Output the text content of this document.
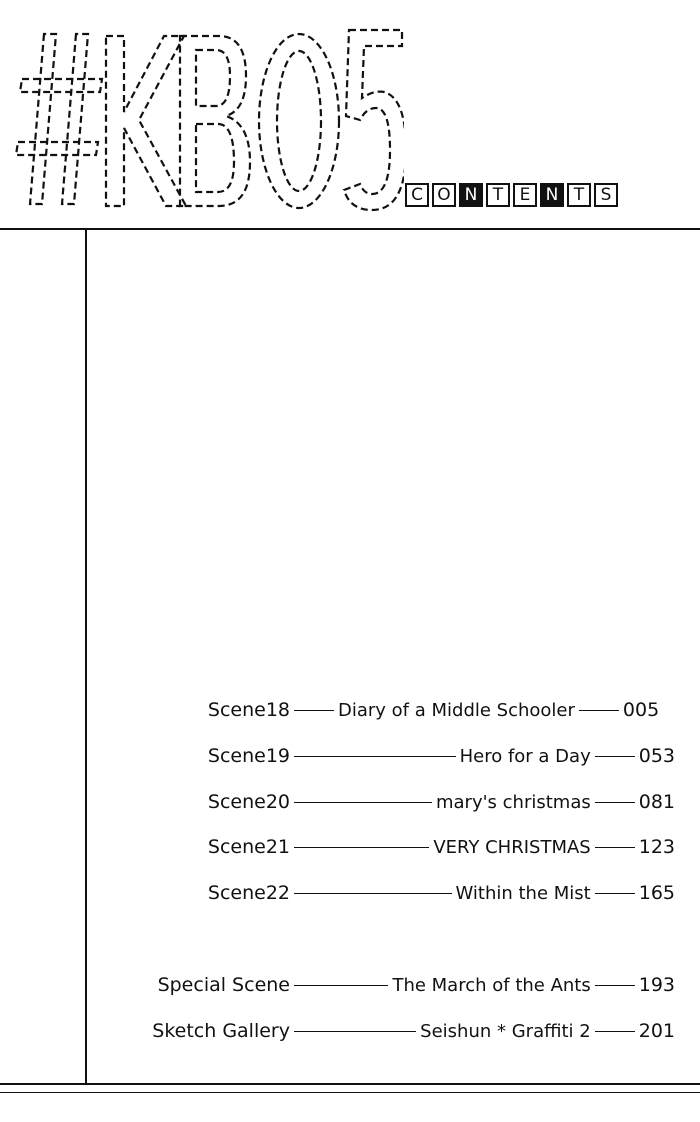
C O N T E N T S
Scene18	Diary of a Middle Schooler	005
Scene19	Hero for a Day	053
Scene20	mary's christmas	081
Scene21	VERY CHRISTMAS	123
Scene22	Within the Mist	165
Special Scene	The March of the Ants	193
Sketch Gallery	Seishun * Graffiti 2	201
